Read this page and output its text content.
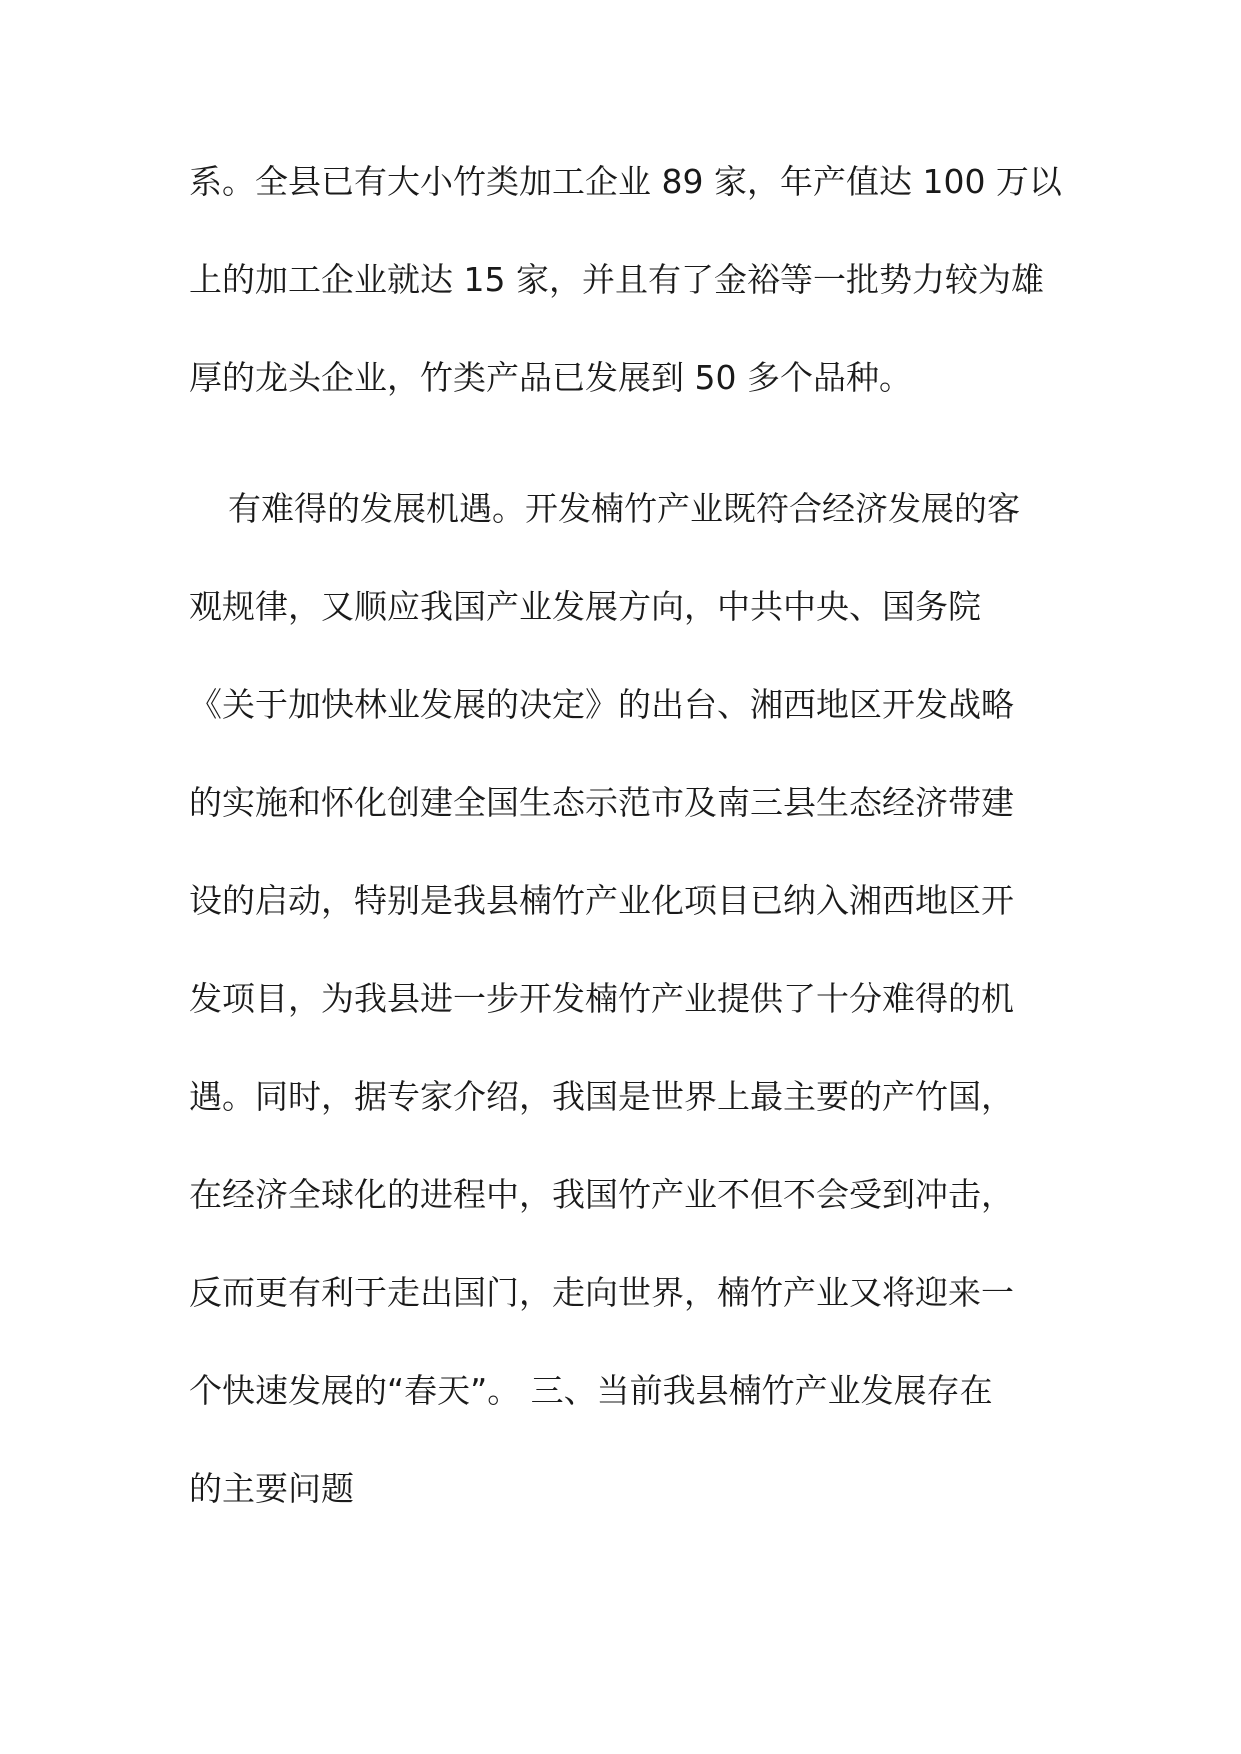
系。全县已有大小竹类加工企业 89 家，年产值达 100 万以
上的加工企业就达 15 家，并且有了金裕等一批势力较为雄
厚的龙头企业，竹类产品已发展到 50 多个品种。
有难得的发展机遇。开发楠竹产业既符合经济发展的客
观规律，又顺应我国产业发展方向，中共中央、国务院
《关于加快林业发展的决定》的出台、湘西地区开发战略
的实施和怀化创建全国生态示范市及南三县生态经济带建
设的启动，特别是我县楠竹产业化项目已纳入湘西地区开
发项目，为我县进一步开发楠竹产业提供了十分难得的机
遇。同时，据专家介绍，我国是世界上最主要的产竹国，
在经济全球化的进程中，我国竹产业不但不会受到冲击，
反而更有利于走出国门，走向世界，楠竹产业又将迎来一
个快速发展的“春天”。 三、当前我县楠竹产业发展存在
的主要问题
